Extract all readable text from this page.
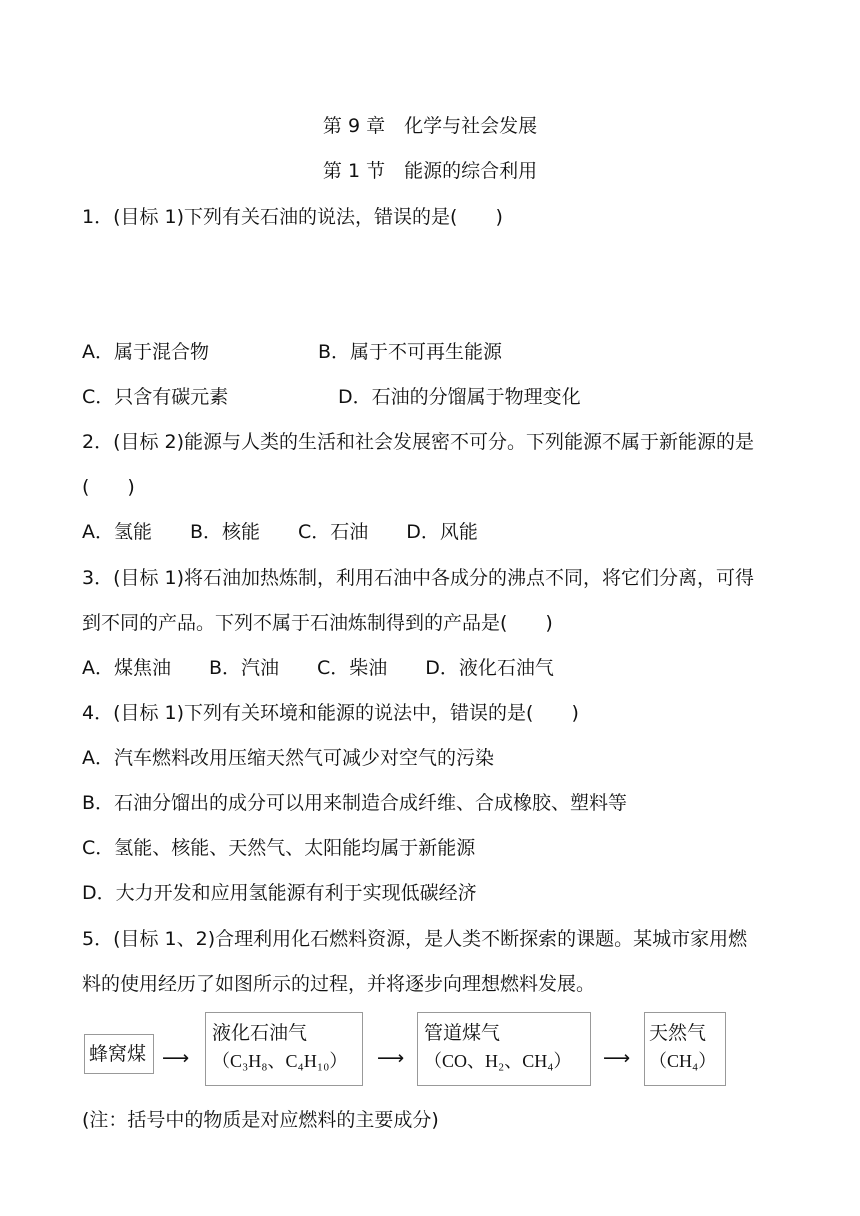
第 9 章　化学与社会发展
第 1 节　能源的综合利用
1．(目标 1)下列有关石油的说法，错误的是(　　)
A．属于混合物	B．属于不可再生能源
C．只含有碳元素	D．石油的分馏属于物理变化
2．(目标 2)能源与人类的生活和社会发展密不可分。下列能源不属于新能源的是
(　　)
A．氢能　　B．核能　　C．石油　　D．风能
3．(目标 1)将石油加热炼制，利用石油中各成分的沸点不同，将它们分离，可得
到不同的产品。下列不属于石油炼制得到的产品是(　　)
A．煤焦油　　B．汽油　　C．柴油　　D．液化石油气
4．(目标 1)下列有关环境和能源的说法中，错误的是(　　)
A．汽车燃料改用压缩天然气可减少对空气的污染
B．石油分馏出的成分可以用来制造合成纤维、合成橡胶、塑料等
C．氢能、核能、天然气、太阳能均属于新能源
D．大力开发和应用氢能源有利于实现低碳经济
5．(目标 1、2)合理利用化石燃料资源，是人类不断探索的课题。某城市家用燃
料的使用经历了如图所示的过程，并将逐步向理想燃料发展。
蜂窝煤 ⟶
液化石油气
（C₃H₈、C₄H₁₀）	⟶
管道煤气
（CO、H₂、CH₄）	⟶
天然气
（CH₄）
(注：括号中的物质是对应燃料的主要成分)
